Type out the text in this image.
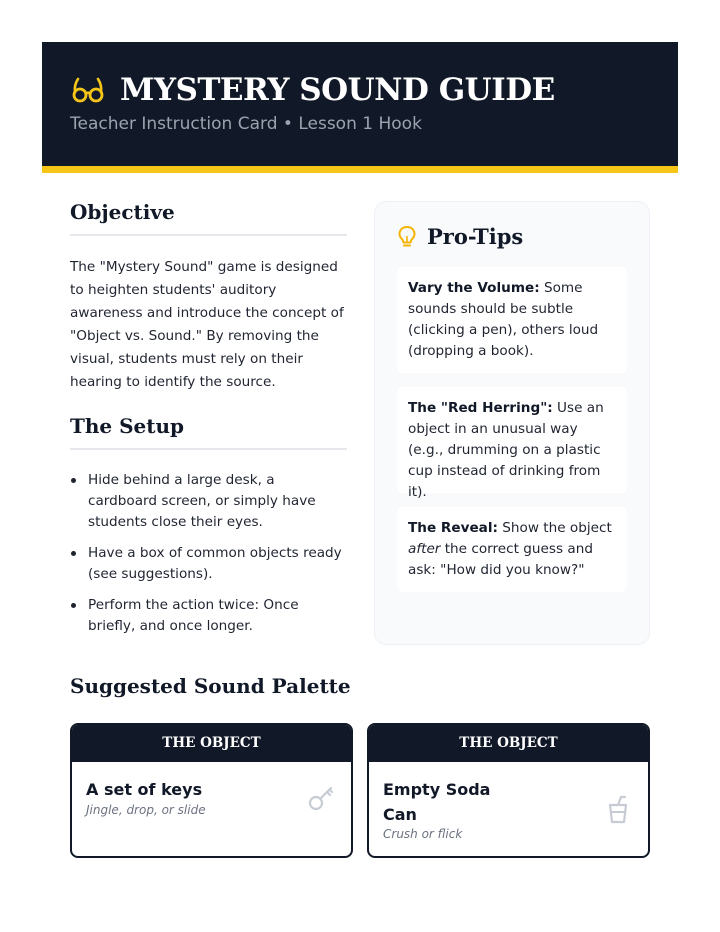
MYSTERY SOUND GUIDE
Teacher Instruction Card • Lesson 1 Hook
Objective

The "Mystery Sound" game is designed to heighten students' auditory awareness and introduce the concept of "Object vs. Sound." By removing the visual, students must rely on their hearing to identify the source.

The Setup
Hide behind a large desk, a cardboard screen, or simply have students close their eyes.
Have a box of common objects ready (see suggestions).
Perform the action twice: Once briefly, and once longer.
Pro-Tips
Vary the Volume: Some sounds should be subtle (clicking a pen), others loud (dropping a book).
The "Red Herring": Use an object in an unusual way (e.g., drumming on a plastic cup instead of drinking from it).
The Reveal: Show the object after the correct guess and ask: "How did you know?"
Suggested Sound Palette
THE OBJECT
A set of keys
Jingle, drop, or slide
THE OBJECT
Empty Soda Can
Crush or flick
